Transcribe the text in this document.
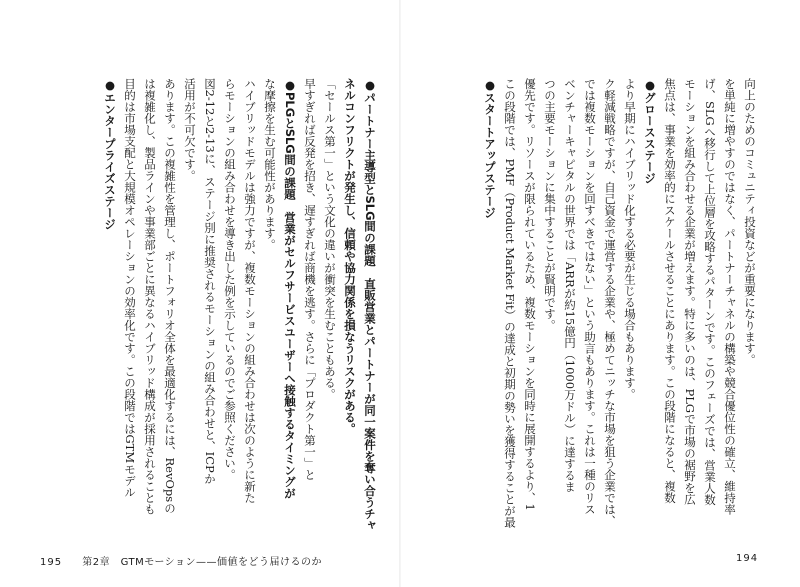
●パートナー主導型とSLG間の課題　直販営業とパートナーが同一案件を奪い合うチャネルコンフリクトが発生し、信頼や協力関係を損なうリスクがある。

「セールス第一」という文化の違いが衝突を生むこともある。

早すぎれば反発を招き、遅すぎれば商機を逃す。さらに「プロダクト第一」と

●PLGとSLG間の課題　営業がセルフサービスユーザーへ接触するタイミングが

な摩擦を生む可能性があります。

ハイブリッドモデルは強力ですが、複数モーションの組み合わせは次のように新た

らモーションの組み合わせを導き出した例を示しているのでご参照ください。

図2-12と2-13に、ステージ別に推奨されるモーションの組み合わせと、ICPか

活用が不可欠です。

あります。この複雑性を管理し、ポートフォリオ全体を最適化するには、RevOpsの

は複雑化し、製品ラインや事業部ごとに異なるハイブリッド構成が採用されることも

目的は市場支配と大規模オペレーションの効率化です。この段階ではGTMモデル

●エンタープライズステージ	向上のためのコミュニティ投資などが重要になります。

を単純に増やすのではなく、パートナーチャネルの構築や競合優位性の確立、維持率

げ、SLGへ移行して上位層を攻略するパターンです。このフェーズでは、営業人数

モーションを組み合わせる企業が増えます。特に多いのは、PLGで市場の裾野を広

焦点は、事業を効率的にスケールさせることにあります。この段階になると、複数

●グロースステージ

より早期にハイブリッド化する必要が生じる場合もあります。

ク軽減戦略ですが、自己資金で運営する企業や、極めてニッチな市場を狙う企業では、

では複数モーションを回すべきではない」という助言もあります。これは一種のリス

ベンチャーキャピタルの世界では「ARRが約15億円（1000万ドル）に達するま

つの主要モーションに集中することが賢明です。

優先です。リソースが限られているため、複数モーションを同時に展開するより、1

この段階では、PMF（Product Market Fit）の達成と初期の勢いを獲得することが最

●スタートアップステージ

195 第2章　GTMモーション——価値をどう届けるのか	194
